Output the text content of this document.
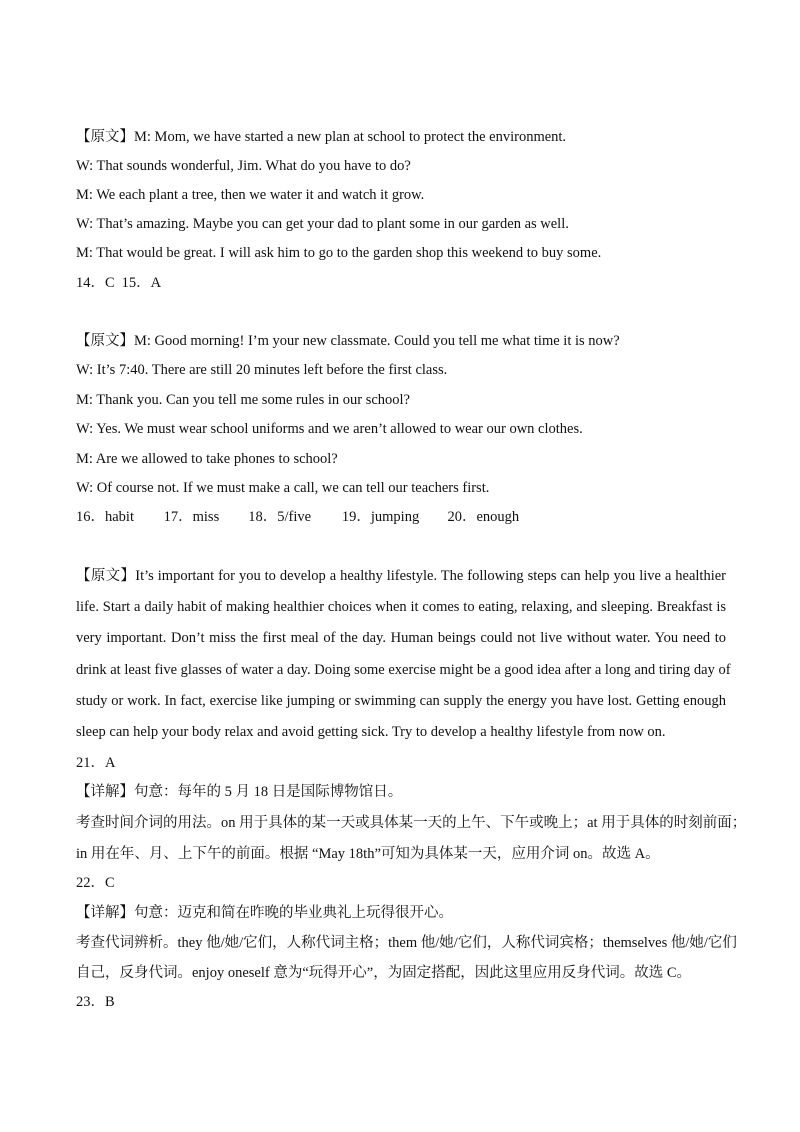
【原文】M: Mom, we have started a new plan at school to protect the environment.
W: That sounds wonderful, Jim. What do you have to do?
M: We each plant a tree, then we water it and watch it grow.
W: That’s amazing. Maybe you can get your dad to plant some in our garden as well.
M: That would be great. I will ask him to go to the garden shop this weekend to buy some.
14．C 15．A
【原文】M: Good morning! I’m your new classmate. Could you tell me what time it is now?
W: It’s 7:40. There are still 20 minutes left before the first class.
M: Thank you. Can you tell me some rules in our school?
W: Yes. We must wear school uniforms and we aren’t allowed to wear our own clothes.
M: Are we allowed to take phones to school?
W: Of course not. If we must make a call, we can tell our teachers first.
16．habit 17．miss 18．5/five 19．jumping 20．enough
【原文】It’s important for you to develop a healthy lifestyle. The following steps can help you live a healthier
life. Start a daily habit of making healthier choices when it comes to eating, relaxing, and sleeping. Breakfast is
very important. Don’t miss the first meal of the day. Human beings could not live without water. You need to
drink at least five glasses of water a day. Doing some exercise might be a good idea after a long and tiring day of
study or work. In fact, exercise like jumping or swimming can supply the energy you have lost. Getting enough
sleep can help your body relax and avoid getting sick. Try to develop a healthy lifestyle from now on.
21．A
【详解】句意：每年的 5 月 18 日是国际博物馆日。
考查时间介词的用法。on 用于具体的某一天或具体某一天的上午、下午或晚上；at 用于具体的时刻前面；
in 用在年、月、上下午的前面。根据 “May 18th”可知为具体某一天，应用介词 on。故选 A。
22．C
【详解】句意：迈克和简在昨晚的毕业典礼上玩得很开心。
考查代词辨析。they 他/她/它们，人称代词主格；them 他/她/它们，人称代词宾格；themselves 他/她/它们
自己，反身代词。enjoy oneself 意为“玩得开心”，为固定搭配，因此这里应用反身代词。故选 C。
23．B
